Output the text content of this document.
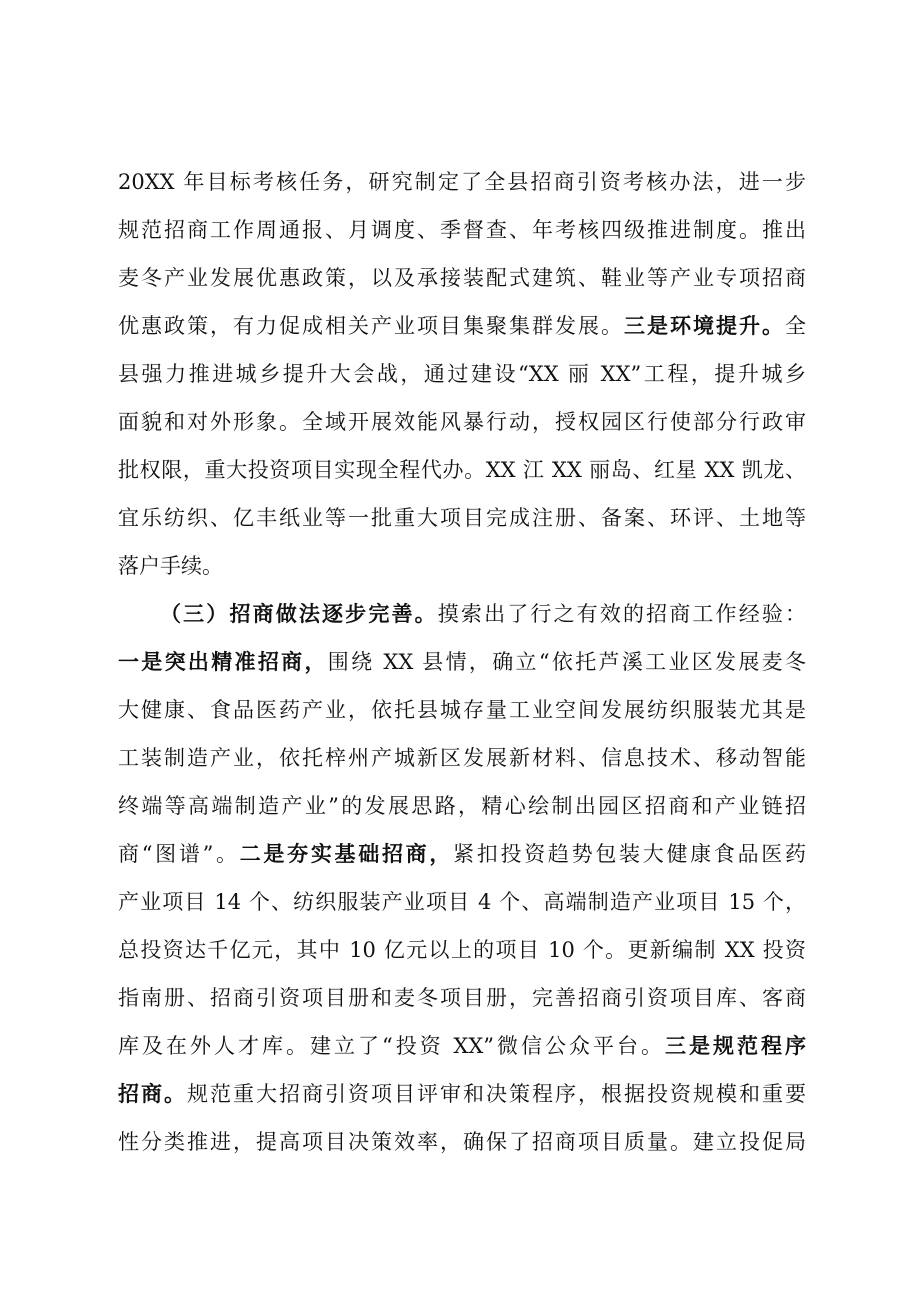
20XX 年目标考核任务，研究制定了全县招商引资考核办法，进一步
规范招商工作周通报、月调度、季督查、年考核四级推进制度。推出
麦冬产业发展优惠政策，以及承接装配式建筑、鞋业等产业专项招商
优惠政策，有力促成相关产业项目集聚集群发展。三是环境提升。全
县强力推进城乡提升大会战，通过建设“XX 丽 XX”工程，提升城乡
面貌和对外形象。全域开展效能风暴行动，授权园区行使部分行政审
批权限，重大投资项目实现全程代办。XX 江 XX 丽岛、红星 XX 凯龙、
宜乐纺织、亿丰纸业等一批重大项目完成注册、备案、环评、土地等
落户手续。
（三）招商做法逐步完善。摸索出了行之有效的招商工作经验：
一是突出精准招商，围绕 XX 县情，确立“依托芦溪工业区发展麦冬
大健康、食品医药产业，依托县城存量工业空间发展纺织服装尤其是
工装制造产业，依托梓州产城新区发展新材料、信息技术、移动智能
终端等高端制造产业”的发展思路，精心绘制出园区招商和产业链招
商“图谱”。二是夯实基础招商，紧扣投资趋势包装大健康食品医药
产业项目 14 个、纺织服装产业项目 4 个、高端制造产业项目 15 个，
总投资达千亿元，其中 10 亿元以上的项目 10 个。更新编制 XX 投资
指南册、招商引资项目册和麦冬项目册，完善招商引资项目库、客商
库及在外人才库。建立了“投资 XX”微信公众平台。三是规范程序
招商。规范重大招商引资项目评审和决策程序，根据投资规模和重要
性分类推进，提高项目决策效率，确保了招商项目质量。建立投促局
